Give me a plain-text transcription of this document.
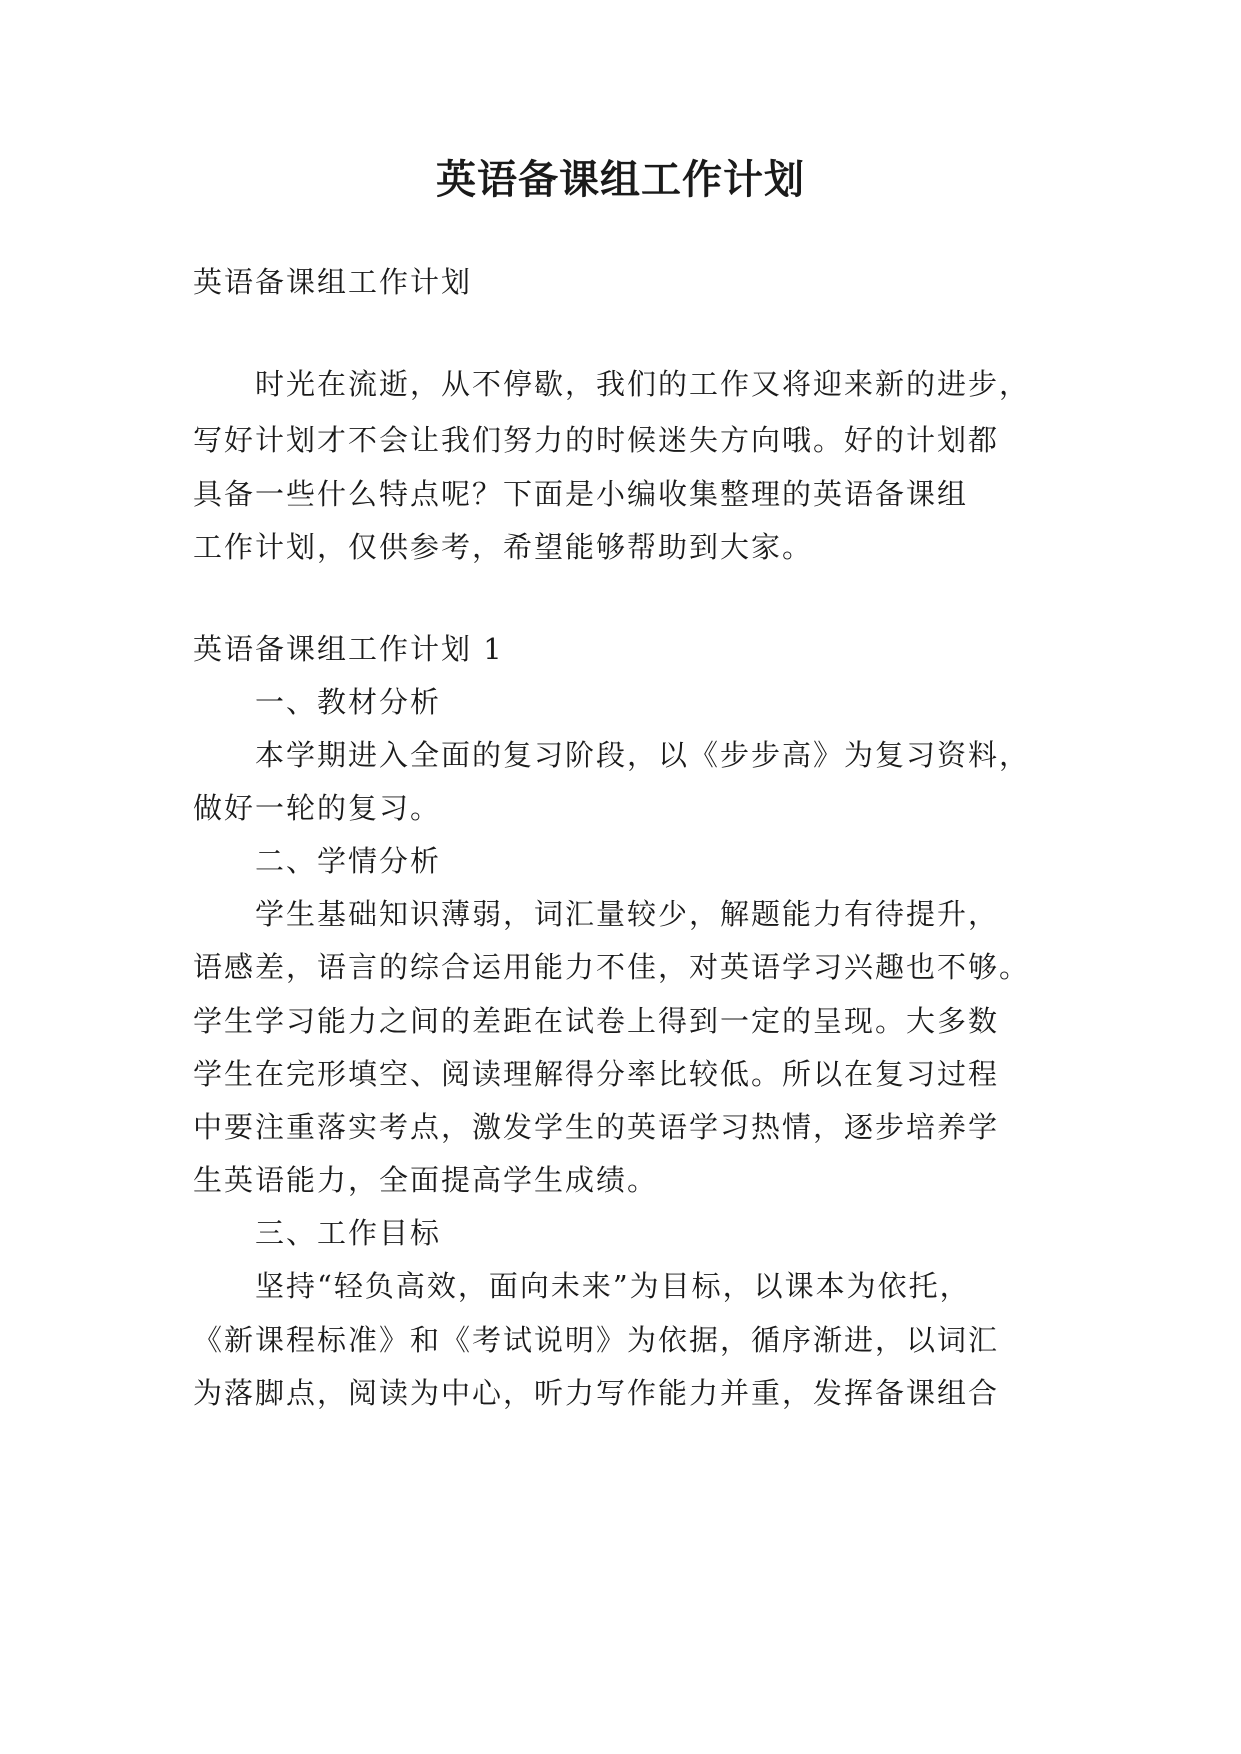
英语备课组工作计划
英语备课组工作计划
时光在流逝，从不停歇，我们的工作又将迎来新的进步，
写好计划才不会让我们努力的时候迷失方向哦。好的计划都
具备一些什么特点呢？下面是小编收集整理的英语备课组
工作计划，仅供参考，希望能够帮助到大家。
英语备课组工作计划 1
一、教材分析
本学期进入全面的复习阶段，以《步步高》为复习资料，
做好一轮的复习。
二、学情分析
学生基础知识薄弱，词汇量较少，解题能力有待提升，
语感差，语言的综合运用能力不佳，对英语学习兴趣也不够。
学生学习能力之间的差距在试卷上得到一定的呈现。大多数
学生在完形填空、阅读理解得分率比较低。所以在复习过程
中要注重落实考点，激发学生的英语学习热情，逐步培养学
生英语能力，全面提高学生成绩。
三、工作目标
坚持“轻负高效，面向未来”为目标，以课本为依托，
《新课程标准》和《考试说明》为依据，循序渐进，以词汇
为落脚点，阅读为中心，听力写作能力并重，发挥备课组合
